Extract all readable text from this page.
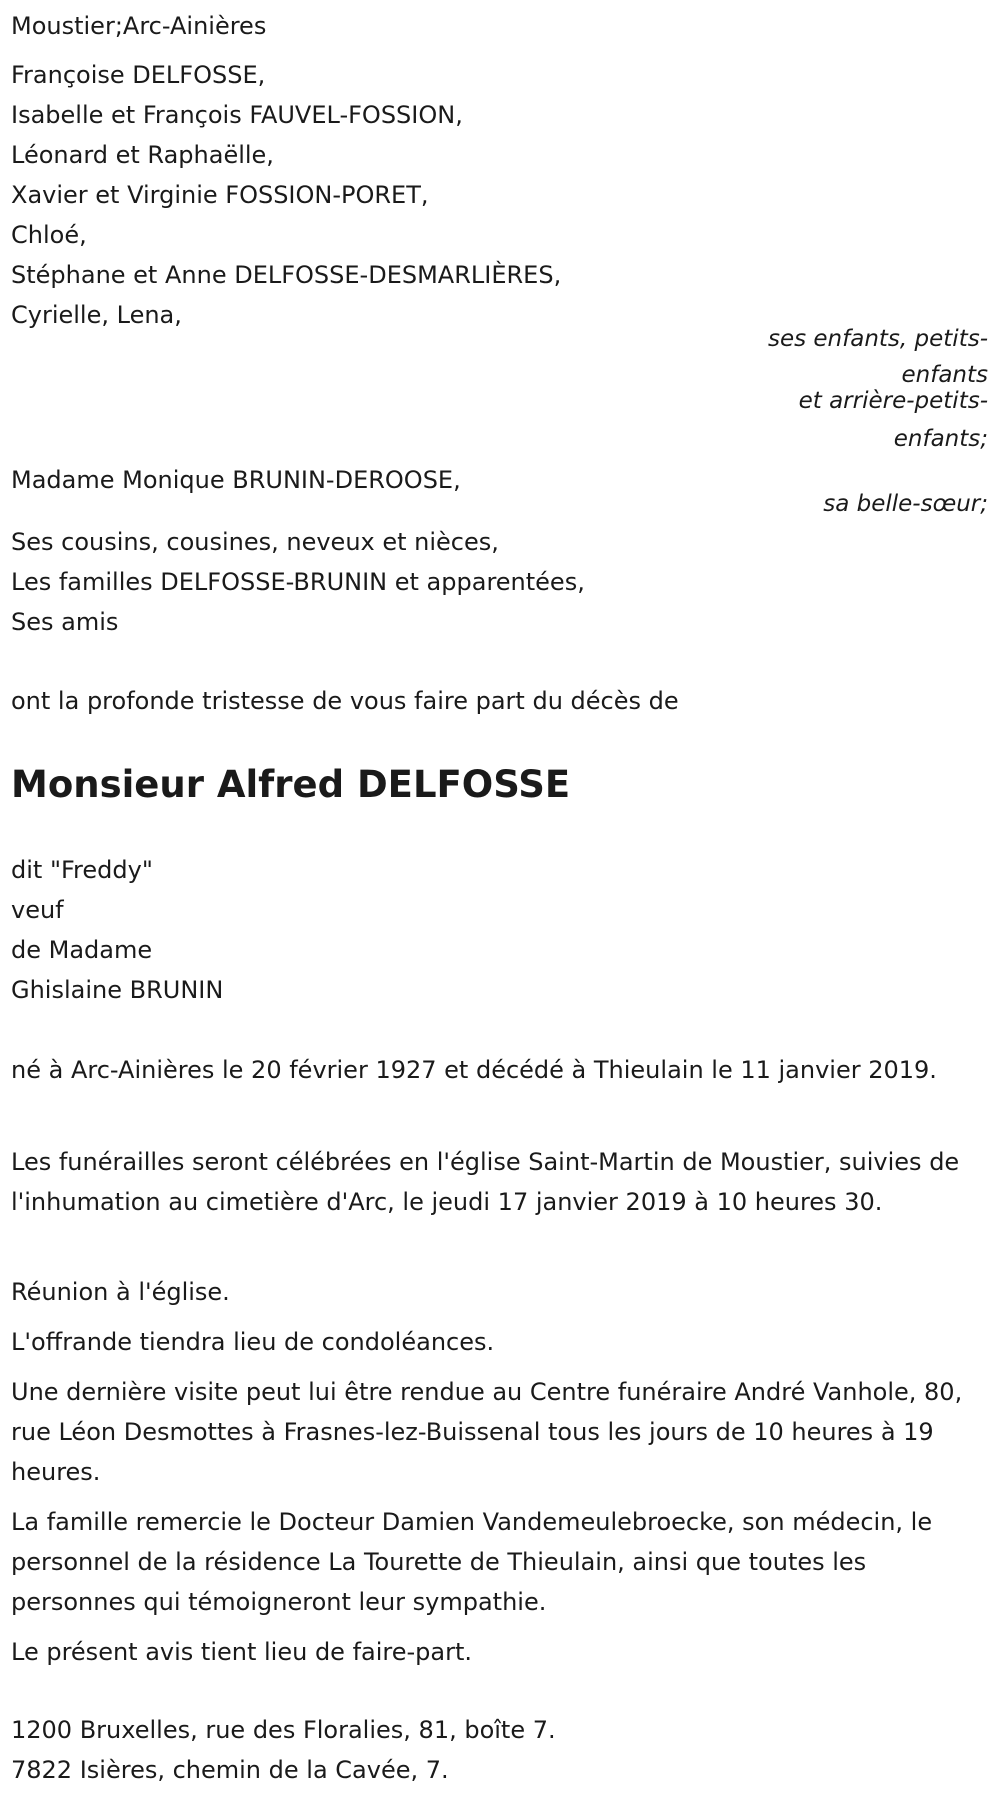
Moustier;Arc-Ainières
Françoise DELFOSSE,
Isabelle et François FAUVEL-FOSSION,
Léonard et Raphaëlle,
Xavier et Virginie FOSSION-PORET,
Chloé,
Stéphane et Anne DELFOSSE-DESMARLIÈRES,
Cyrielle, Lena,
ses enfants, petits-
enfants
et arrière-petits-
enfants;
Madame Monique BRUNIN-DEROOSE,
sa belle-sœur;
Ses cousins, cousines, neveux et nièces,
Les familles DELFOSSE-BRUNIN et apparentées,
Ses amis
ont la profonde tristesse de vous faire part du décès de
Monsieur Alfred DELFOSSE
dit "Freddy"
veuf
de Madame
Ghislaine BRUNIN
né à Arc-Ainières le 20 février 1927 et décédé à Thieulain le 11 janvier 2019.
Les funérailles seront célébrées en l'église Saint-Martin de Moustier, suivies de l'inhumation au cimetière d'Arc, le jeudi 17 janvier 2019 à 10 heures 30.
Réunion à l'église.
L'offrande tiendra lieu de condoléances.
Une dernière visite peut lui être rendue au Centre funéraire André Vanhole, 80, rue Léon Desmottes à Frasnes-lez-Buissenal tous les jours de 10 heures à 19 heures.
La famille remercie le Docteur Damien Vandemeulebroecke, son médecin, le personnel de la résidence La Tourette de Thieulain, ainsi que toutes les personnes qui témoigneront leur sympathie.
Le présent avis tient lieu de faire-part.
1200 Bruxelles, rue des Floralies, 81, boîte 7.
7822 Isières, chemin de la Cavée, 7.
